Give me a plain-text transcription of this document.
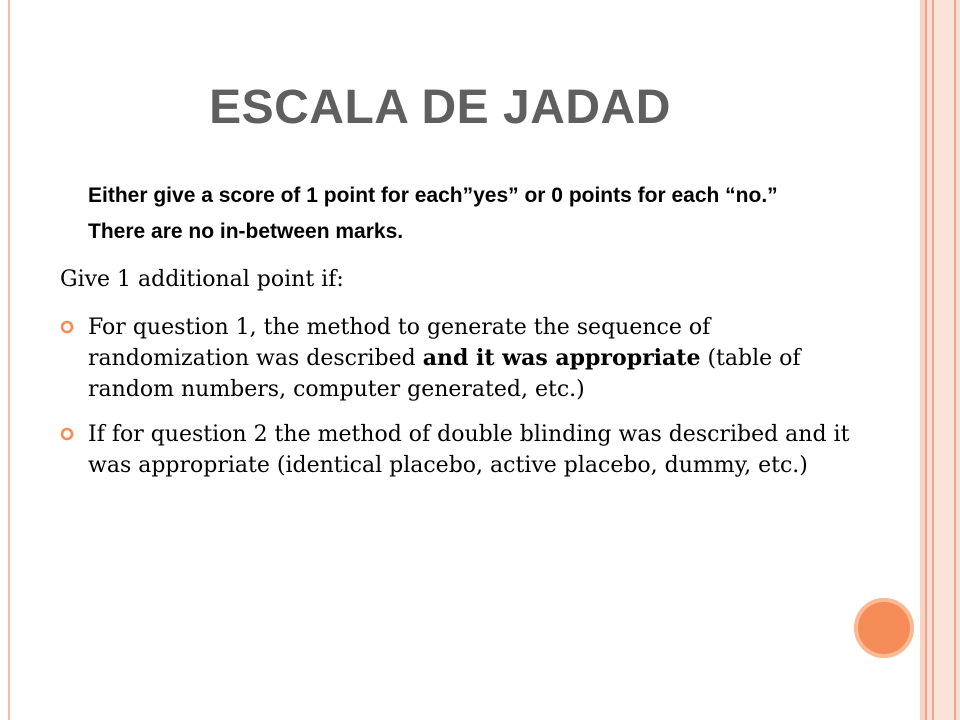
ESCALA DE JADAD

Either give a score of 1 point for each”yes” or 0 points for each “no.” There are no in-between marks.

Give 1 additional point if:

For question 1, the method to generate the sequence of randomization was described and it was appropriate (table of random numbers, computer generated, etc.)
If for question 2 the method of double blinding was described and it was appropriate (identical placebo, active placebo, dummy, etc.)
